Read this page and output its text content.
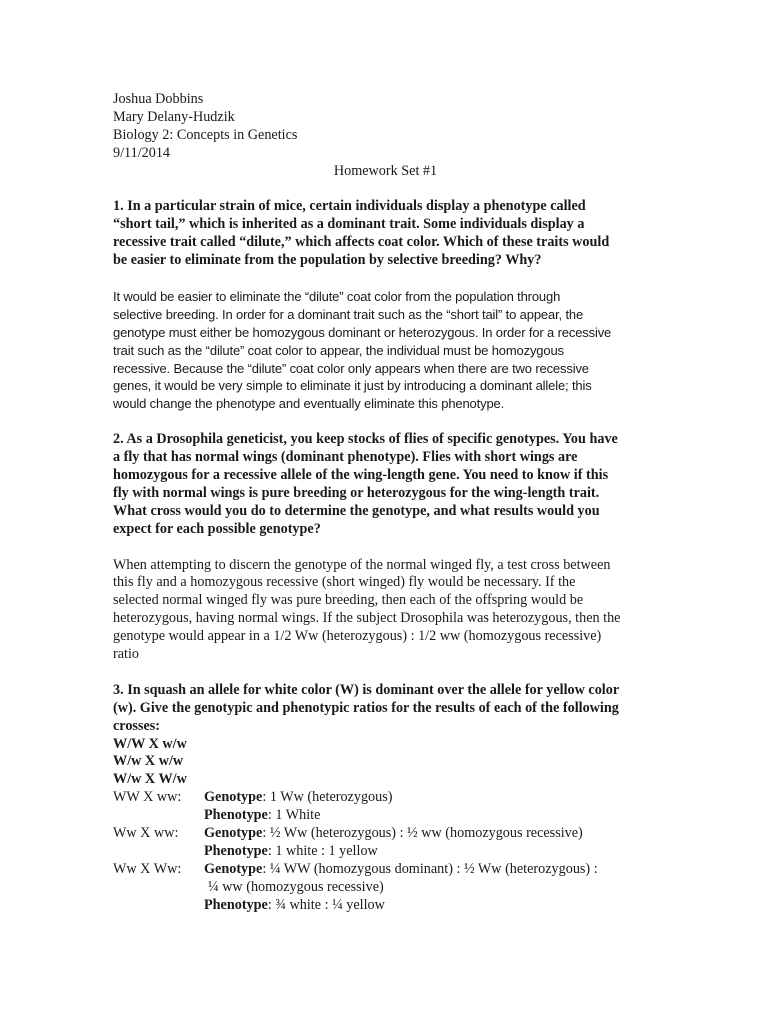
Joshua Dobbins
Mary Delany-Hudzik
Biology 2: Concepts in Genetics
9/11/2014
Homework Set #1
1. In a particular strain of mice, certain individuals display a phenotype called
“short tail,” which is inherited as a dominant trait. Some individuals display a
recessive trait called “dilute,” which affects coat color. Which of these traits would
be easier to eliminate from the population by selective breeding? Why?
It would be easier to eliminate the “dilute” coat color from the population through
selective breeding. In order for a dominant trait such as the “short tail” to appear, the
genotype must either be homozygous dominant or heterozygous. In order for a recessive
trait such as the “dilute” coat color to appear, the individual must be homozygous
recessive. Because the “dilute” coat color only appears when there are two recessive
genes, it would be very simple to eliminate it just by introducing a dominant allele; this
would change the phenotype and eventually eliminate this phenotype.
2. As a Drosophila geneticist, you keep stocks of flies of specific genotypes. You have
a fly that has normal wings (dominant phenotype). Flies with short wings are
homozygous for a recessive allele of the wing-length gene. You need to know if this
fly with normal wings is pure breeding or heterozygous for the wing-length trait.
What cross would you do to determine the genotype, and what results would you
expect for each possible genotype?
When attempting to discern the genotype of the normal winged fly, a test cross between
this fly and a homozygous recessive (short winged) fly would be necessary. If the
selected normal winged fly was pure breeding, then each of the offspring would be
heterozygous, having normal wings. If the subject Drosophila was heterozygous, then the
genotype would appear in a 1/2 Ww (heterozygous) : 1/2 ww (homozygous recessive)
ratio
3. In squash an allele for white color (W) is dominant over the allele for yellow color
(w). Give the genotypic and phenotypic ratios for the results of each of the following
crosses:
W/W X w/w
W/w X w/w
W/w X W/w
WW X ww:	Genotype: 1 Ww (heterozygous)
Phenotype: 1 White
Ww X ww:	Genotype: ½ Ww (heterozygous) : ½ ww (homozygous recessive)
Phenotype: 1 white : 1 yellow
Ww X Ww:	Genotype: ¼ WW (homozygous dominant) : ½ Ww (heterozygous) :
¼ ww (homozygous recessive)
Phenotype: ¾ white : ¼ yellow
